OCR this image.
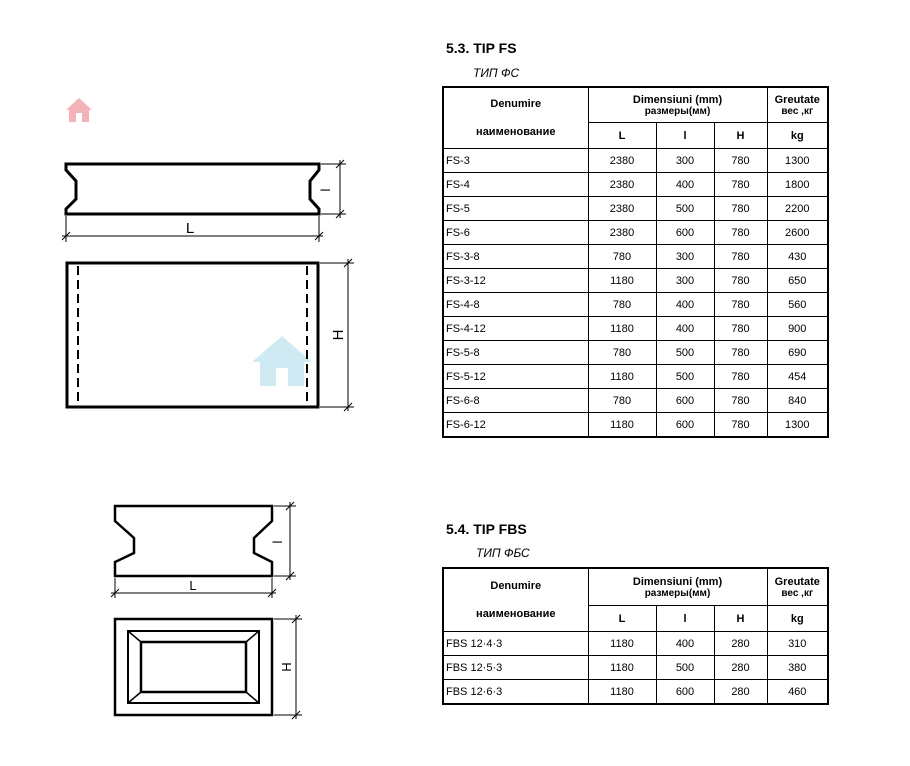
l
L
H
l
L
H
5.3. TIP FS
ТИП ФС
Denumire
наименование	Dimensiuni (mm)
размеры(мм)			Greutate
вес ,кг

	L	l	H	kg
FS-3	2380	300	780	1300
FS-4	2380	400	780	1800
FS-5	2380	500	780	2200
FS-6	2380	600	780	2600
FS-3-8	780	300	780	430
FS-3-12	1180	300	780	650
FS-4-8	780	400	780	560
FS-4-12	1180	400	780	900
FS-5-8	780	500	780	690
FS-5-12	1180	500	780	454
FS-6-8	780	600	780	840
FS-6-12	1180	600	780	1300
5.4. TIP FBS
ТИП ФБС
Denumire
наименование	Dimensiuni (mm)
размеры(мм)			Greutate
вес ,кг

	L	l	H	kg
FBS 12·4·3	1180	400	280	310
FBS 12·5·3	1180	500	280	380
FBS 12·6·3	1180	600	280	460
